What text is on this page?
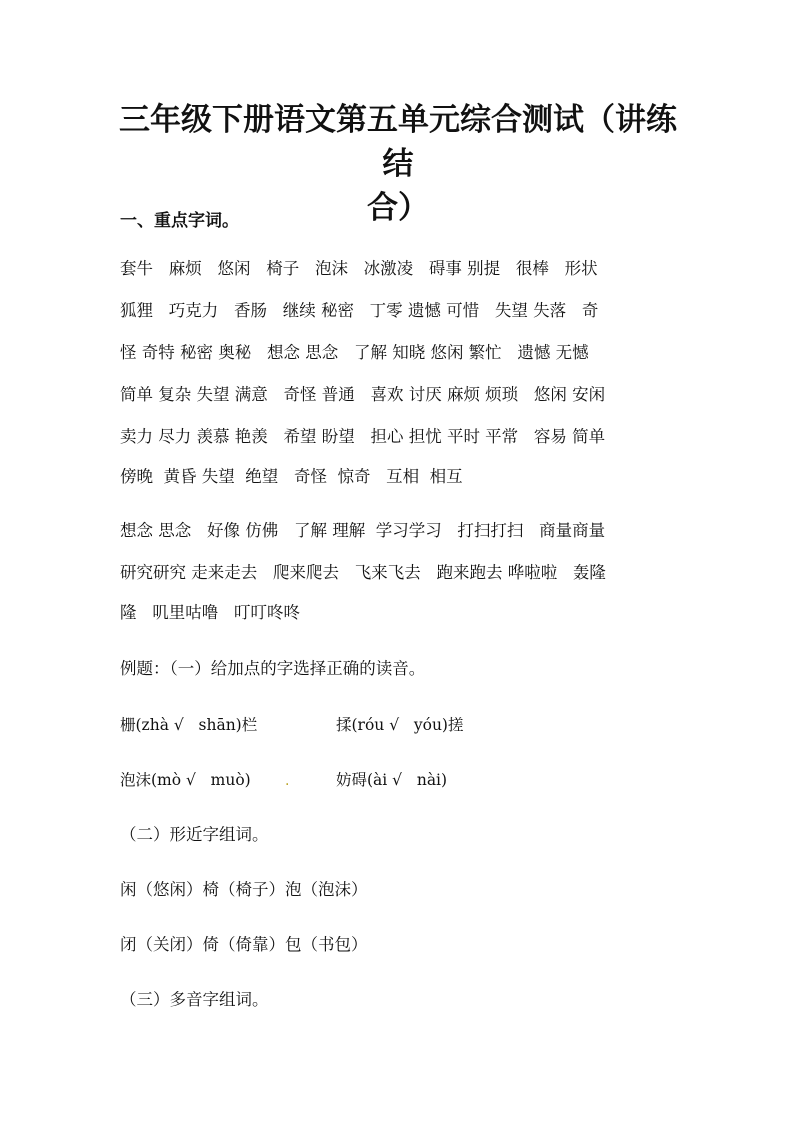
三年级下册语文第五单元综合测试（讲练结
合）
一、重点字词。
套牛   麻烦   悠闲   椅子   泡沫   冰激凌   碍事 别提   很棒   形状
狐狸   巧克力   香肠   继续 秘密   丁零 遗憾 可惜   失望 失落   奇
怪 奇特 秘密 奥秘   想念 思念   了解 知晓 悠闲 繁忙   遗憾 无憾
简单 复杂 失望 满意   奇怪 普通   喜欢 讨厌 麻烦 烦琐   悠闲 安闲
卖力 尽力 羡慕 艳羡   希望 盼望   担心 担忧 平时 平常   容易 简单
傍晚  黄昏 失望  绝望   奇怪  惊奇   互相  相互
想念 思念   好像 仿佛   了解 理解  学习学习   打扫打扫   商量商量
研究研究 走来走去   爬来爬去   飞来飞去   跑来跑去 哗啦啦   轰隆
隆   叽里咕噜   叮叮咚咚
例题：（一）给加点的字选择正确的读音。
栅(zhà √   shān)栏	揉(róu √   yóu)搓
泡沫(mò √   muò)	.	妨碍(ài √   nài)
（二）形近字组词。
闲（悠闲）椅（椅子）泡（泡沫）
闭（关闭）倚（倚靠）包（书包）
（三）多音字组词。
